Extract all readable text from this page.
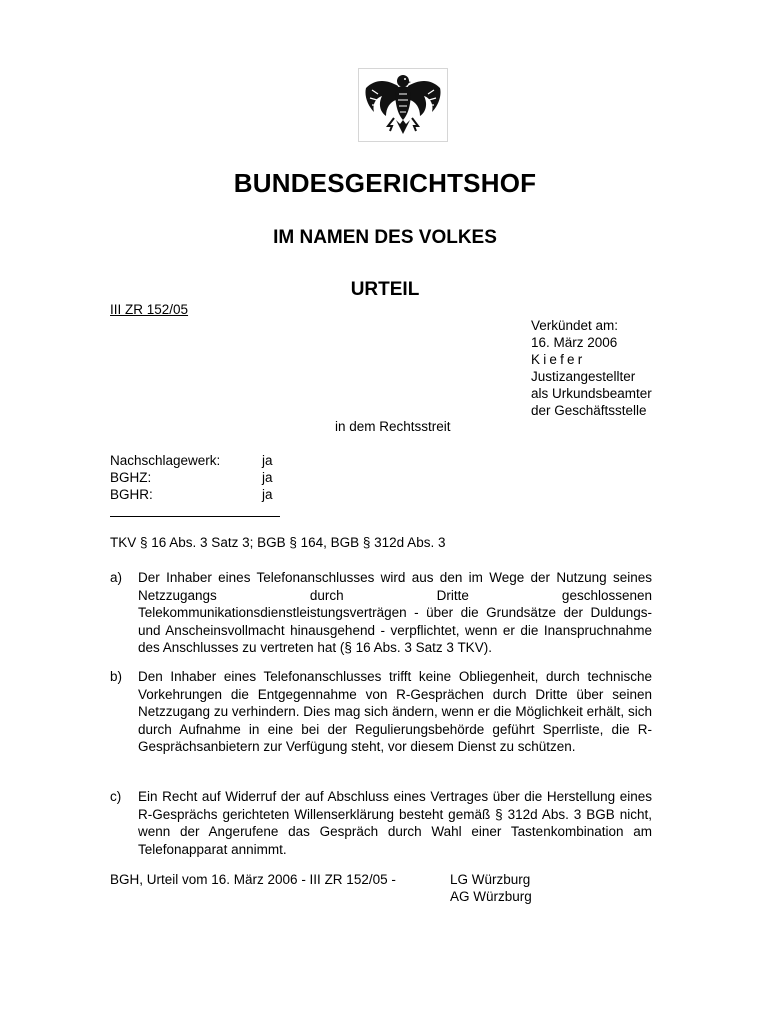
BUNDESGERICHTSHOF
IM NAMEN DES VOLKES
URTEIL
III ZR 152/05
Verkündet am:
16. März 2006
Kiefer
Justizangestellter
als Urkundsbeamter
der Geschäftsstelle
in dem Rechtsstreit
Nachschlagewerk:	ja
BGHZ:	ja
BGHR:	ja
TKV § 16 Abs. 3 Satz 3; BGB § 164, BGB § 312d Abs. 3
a) Der Inhaber eines Telefonanschlusses wird aus den im Wege der Nutzung seines Netzzugangs durch Dritte geschlossenen Telekommunikationsdienstleistungsverträgen - über die Grundsätze der Duldungs- und Anscheinsvollmacht hinausgehend - verpflichtet, wenn er die Inanspruchnahme des Anschlusses zu vertreten hat (§ 16 Abs. 3 Satz 3 TKV).
b) Den Inhaber eines Telefonanschlusses trifft keine Obliegenheit, durch technische Vorkehrungen die Entgegennahme von R-Gesprächen durch Dritte über seinen Netzzugang zu verhindern. Dies mag sich ändern, wenn er die Möglichkeit erhält, sich durch Aufnahme in eine bei der Regulierungsbehörde geführt Sperrliste, die R-Gesprächsanbietern zur Verfügung steht, vor diesem Dienst zu schützen.
c) Ein Recht auf Widerruf der auf Abschluss eines Vertrages über die Herstellung eines R-Gesprächs gerichteten Willenserklärung besteht gemäß § 312d Abs. 3 BGB nicht, wenn der Angerufene das Gespräch durch Wahl einer Tastenkombination am Telefonapparat annimmt.
BGH, Urteil vom 16. März 2006 - III ZR 152/05 -	LG Würzburg
AG Würzburg
